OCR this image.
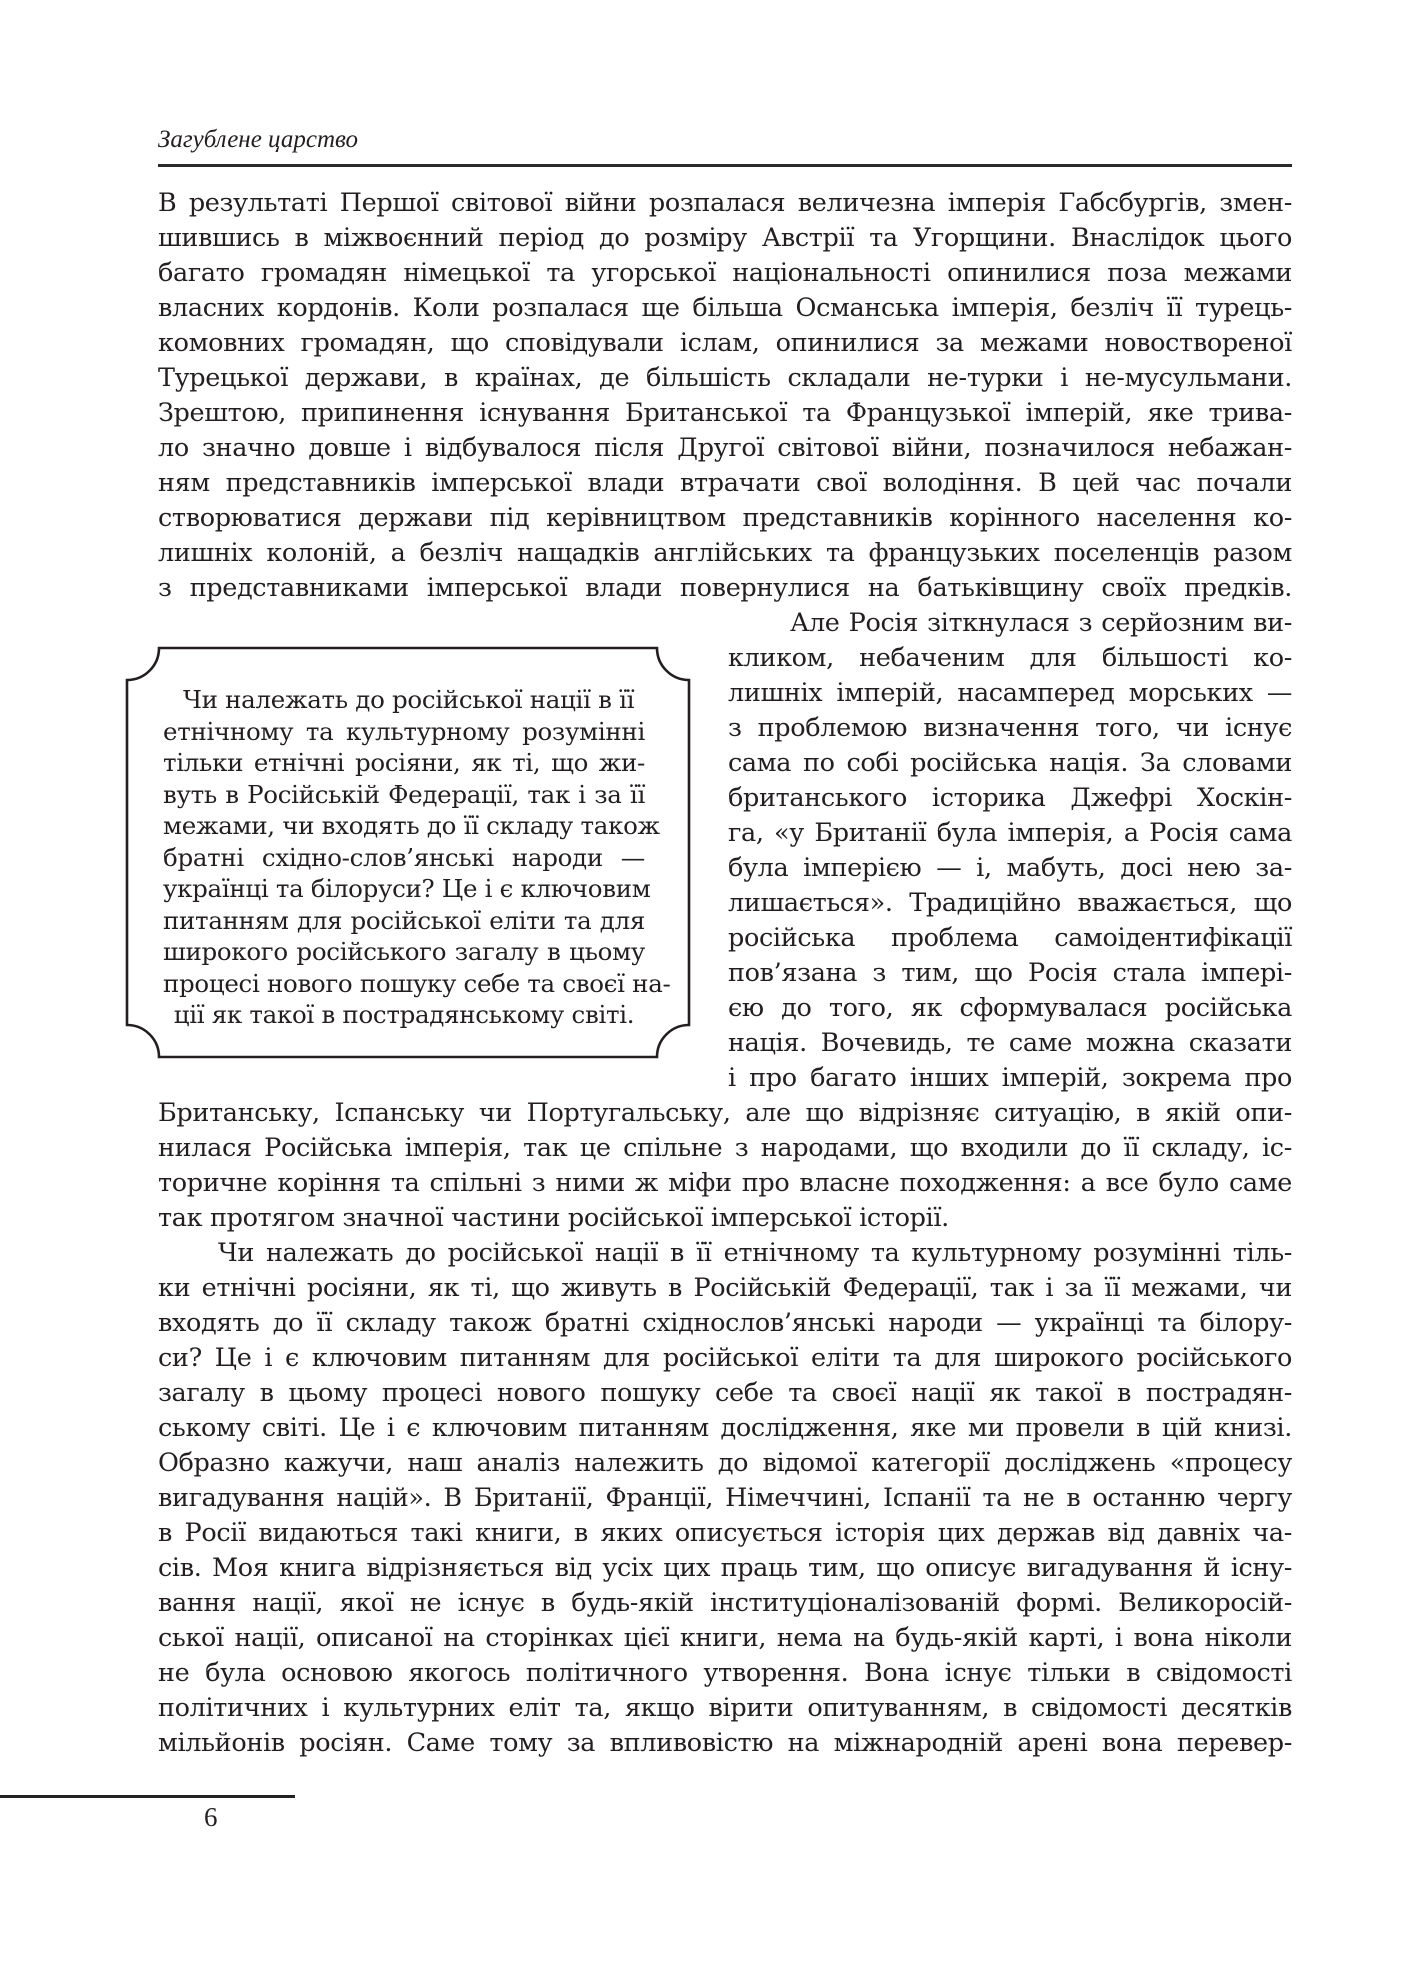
Загублене царство
В результаті Першої світової війни розпалася величезна імперія Габсбургів, змен-
шившись в міжвоєнний період до розміру Австрії та Угорщини. Внаслідок цього
багато громадян німецької та угорської національності опинилися поза межами
власних кордонів. Коли розпалася ще більша Османська імперія, безліч її турець-
комовних громадян, що сповідували іслам, опинилися за межами новоствореної
Турецької держави, в країнах, де більшість складали не-турки і не-мусульмани.
Зрештою, припинення існування Британської та Французької імперій, яке трива-
ло значно довше і відбувалося після Другої світової війни, позначилося небажан-
ням представників імперської влади втрачати свої володіння. В цей час почали
створюватися держави під керівництвом представників корінного населення ко-
лишніх колоній, а безліч нащадків англійських та французьких поселенців разом
з представниками імперської влади повернулися на батьківщину своїх предків.
Але Росія зіткнулася з серйозним ви-
кликом, небаченим для більшості ко-
лишніх імперій, насамперед морських —
з проблемою визначення того, чи існує
сама по собі російська нація. За словами
британського історика Джефрі Хоскін-
га, «у Британії була імперія, а Росія сама
була імперією — і, мабуть, досі нею за-
лишається». Традиційно вважається, що
російська проблема самоідентифікації
пов’язана з тим, що Росія стала імпері-
єю до того, як сформувалася російська
нація. Вочевидь, те саме можна сказати
і про багато інших імперій, зокрема про
Британську, Іспанську чи Португальську, але що відрізняє ситуацію, в якій опи-
нилася Російська імперія, так це спільне з народами, що входили до її складу, іс-
торичне коріння та спільні з ними ж міфи про власне походження: а все було саме
так протягом значної частини російської імперської історії.
Чи належать до російської нації в її
етнічному та культурному розумінні
тільки етнічні росіяни, як ті, що жи-
вуть в Російській Федерації, так і за її
межами, чи входять до її складу також
братні східно-слов’янські народи —
українці та білоруси? Це і є ключовим
питанням для російської еліти та для
широкого російського загалу в цьому
процесі нового пошуку себе та своєї на-
ції як такої в пострадянському світі.
Чи належать до російської нації в її етнічному та культурному розумінні тіль-
ки етнічні росіяни, як ті, що живуть в Російській Федерації, так і за її межами, чи
входять до її складу також братні східнослов’янські народи — українці та білору-
си? Це і є ключовим питанням для російської еліти та для широкого російського
загалу в цьому процесі нового пошуку себе та своєї нації як такої в пострадян-
ському світі. Це і є ключовим питанням дослідження, яке ми провели в цій книзі.
Образно кажучи, наш аналіз належить до відомої категорії досліджень «процесу
вигадування націй». В Британії, Франції, Німеччині, Іспанії та не в останню чергу
в Росії видаються такі книги, в яких описується історія цих держав від давніх ча-
сів. Моя книга відрізняється від усіх цих праць тим, що описує вигадування й існу-
вання нації, якої не існує в будь-якій інституціоналізованій формі. Великоросій-
ської нації, описаної на сторінках цієї книги, нема на будь-якій карті, і вона ніколи
не була основою якогось політичного утворення. Вона існує тільки в свідомості
політичних і культурних еліт та, якщо вірити опитуванням, в свідомості десятків
мільйонів росіян. Саме тому за впливовістю на міжнародній арені вона перевер-
6
